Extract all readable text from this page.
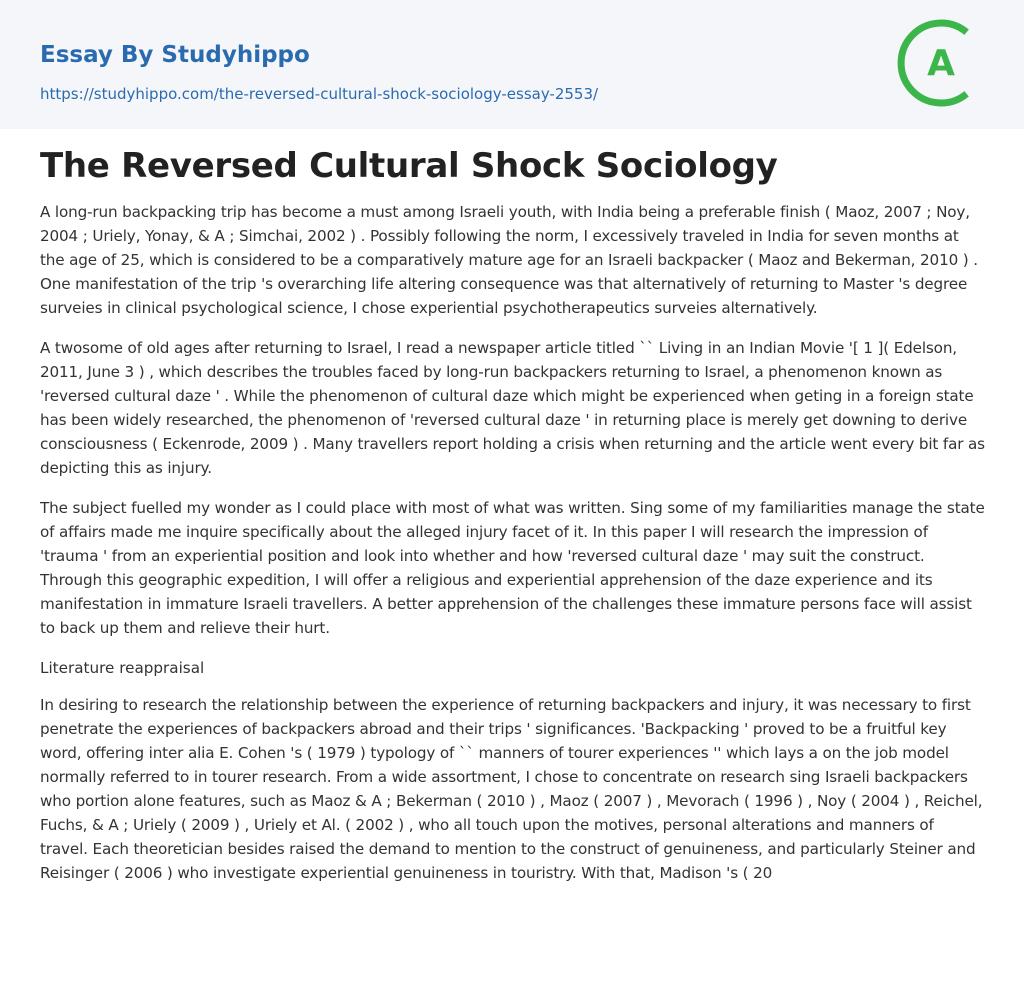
Essay By Studyhippo
https://studyhippo.com/the-reversed-cultural-shock-sociology-essay-2553/
A
The Reversed Cultural Shock Sociology

A long-run backpacking trip has become a must among Israeli youth, with India being a preferable finish ( Maoz, 2007 ; Noy, 2004 ; Uriely, Yonay, & A ; Simchai, 2002 ) . Possibly following the norm, I excessively traveled in India for seven months at the age of 25, which is considered to be a comparatively mature age for an Israeli backpacker ( Maoz and Bekerman, 2010 ) . One manifestation of the trip 's overarching life altering consequence was that alternatively of returning to Master 's degree surveies in clinical psychological science, I chose experiential psychotherapeutics surveies alternatively.

A twosome of old ages after returning to Israel, I read a newspaper article titled `` Living in an Indian Movie '[ 1 ]( Edelson, 2011, June 3 ) , which describes the troubles faced by long-run backpackers returning to Israel, a phenomenon known as 'reversed cultural daze ' . While the phenomenon of cultural daze which might be experienced when geting in a foreign state has been widely researched, the phenomenon of 'reversed cultural daze ' in returning place is merely get downing to derive consciousness ( Eckenrode, 2009 ) . Many travellers report holding a crisis when returning and the article went every bit far as depicting this as injury.

The subject fuelled my wonder as I could place with most of what was written. Sing some of my familiarities manage the state of affairs made me inquire specifically about the alleged injury facet of it. In this paper I will research the impression of 'trauma ' from an experiential position and look into whether and how 'reversed cultural daze ' may suit the construct. Through this geographic expedition, I will offer a religious and experiential apprehension of the daze experience and its manifestation in immature Israeli travellers. A better apprehension of the challenges these immature persons face will assist to back up them and relieve their hurt.

Literature reappraisal

In desiring to research the relationship between the experience of returning backpackers and injury, it was necessary to first penetrate the experiences of backpackers abroad and their trips ' significances. 'Backpacking ' proved to be a fruitful key word, offering inter alia E. Cohen 's ( 1979 ) typology of `` manners of tourer experiences '' which lays a on the job model normally referred to in tourer research. From a wide assortment, I chose to concentrate on research sing Israeli backpackers who portion alone features, such as Maoz & A ; Bekerman ( 2010 ) , Maoz ( 2007 ) , Mevorach ( 1996 ) , Noy ( 2004 ) , Reichel, Fuchs, & A ; Uriely ( 2009 ) , Uriely et Al. ( 2002 ) , who all touch upon the motives, personal alterations and manners of travel. Each theoretician besides raised the demand to mention to the construct of genuineness, and particularly Steiner and Reisinger ( 2006 ) who investigate experiential genuineness in touristry. With that, Madison 's ( 20
